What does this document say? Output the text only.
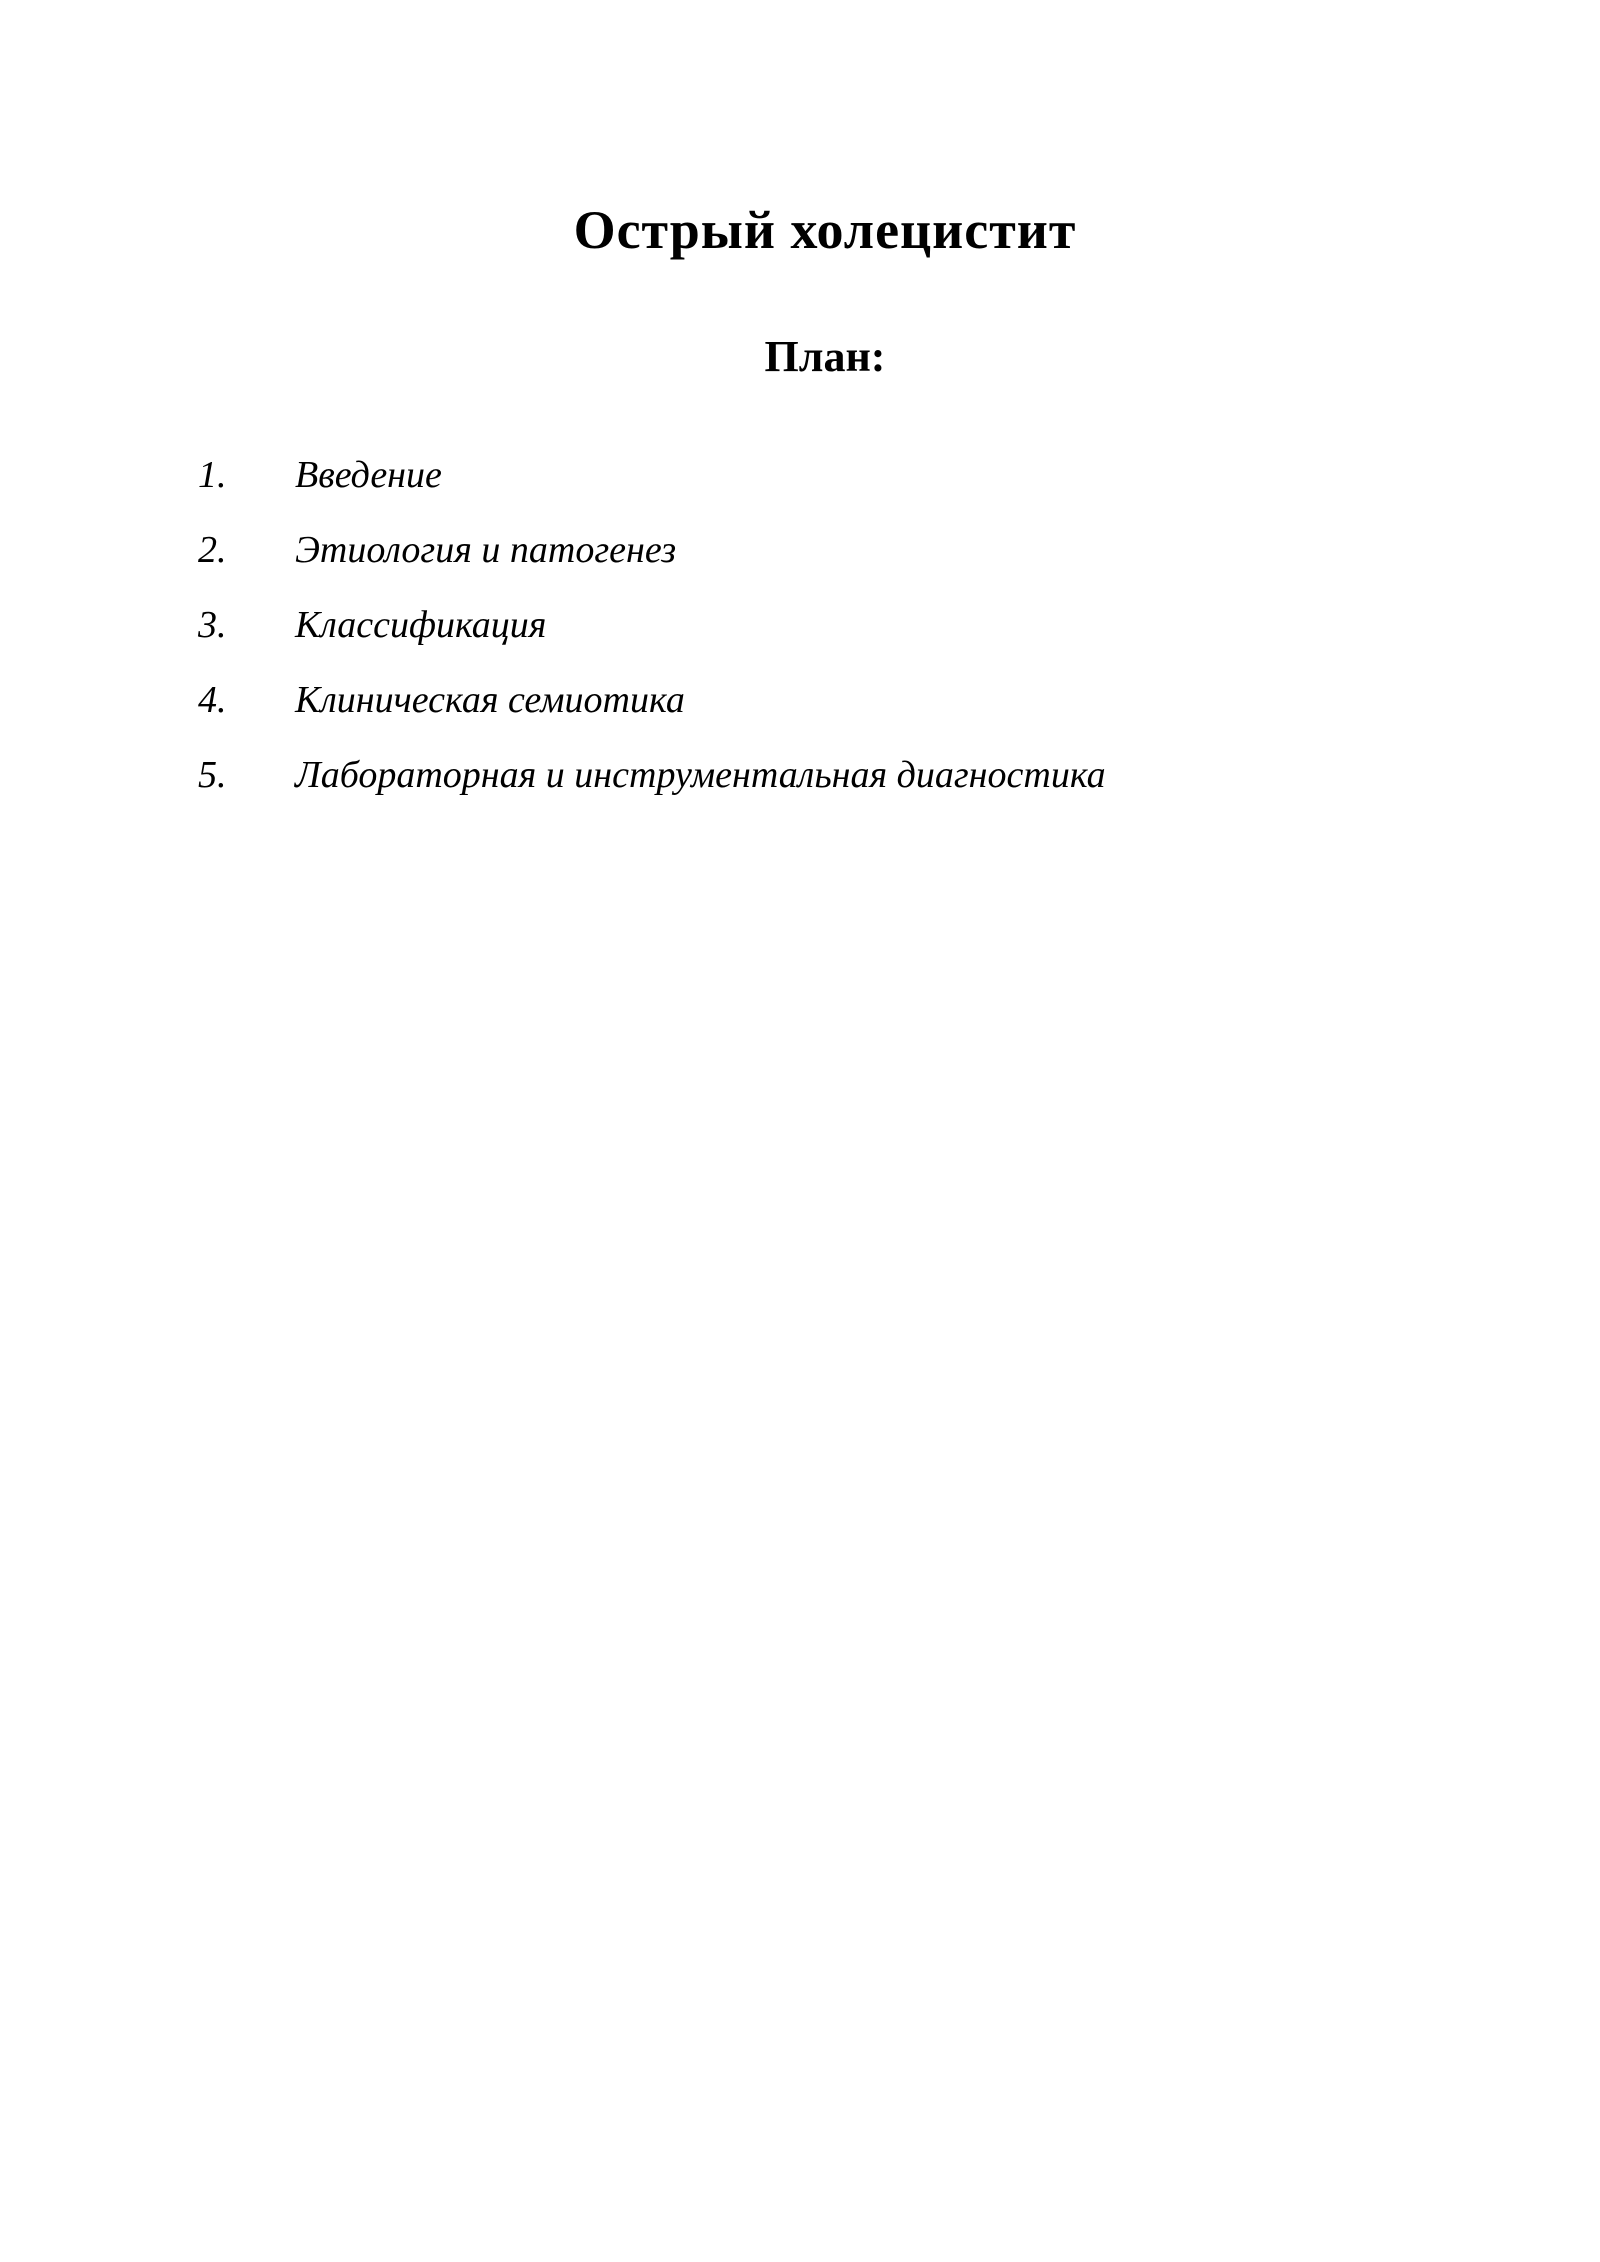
Острый холецистит
План:
1.	Введение
2.	Этиология и патогенез
3.	Классификация
4.	Клиническая семиотика
5.	Лабораторная и инструментальная диагностика
